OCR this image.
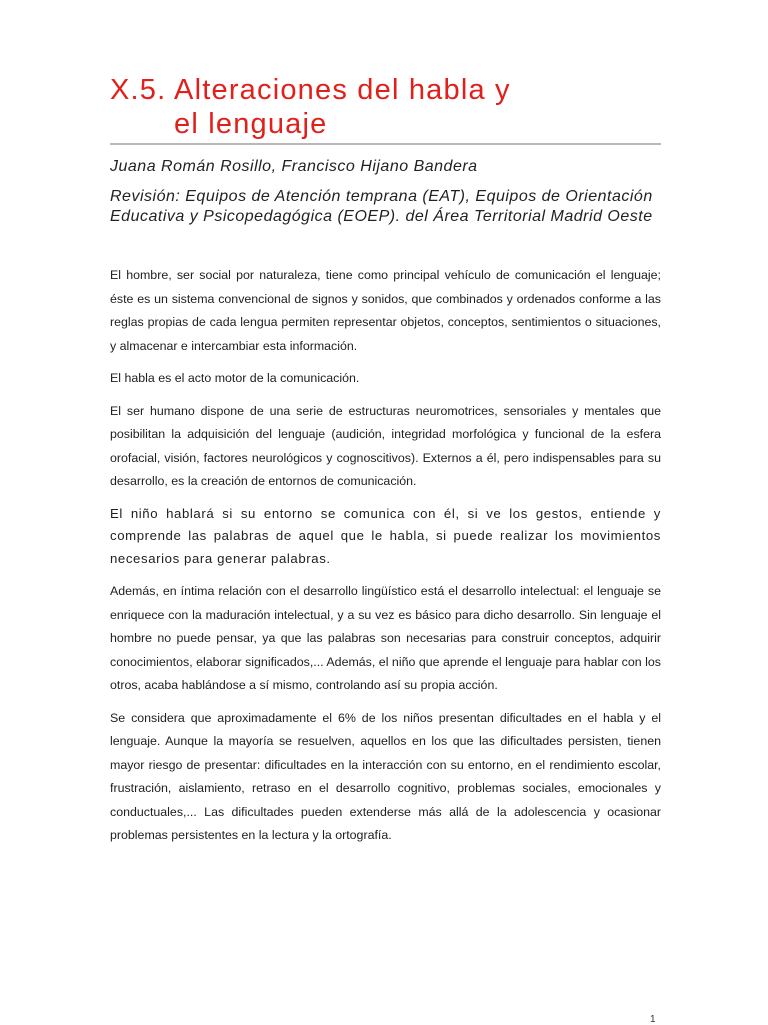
X.5. Alteraciones del habla y
el lenguaje

Juana Román Rosillo, Francisco Hijano Bandera

Revisión: Equipos de Atención temprana (EAT), Equipos de Orientación Educativa y Psicopedagógica (EOEP). del Área Territorial Madrid Oeste

El hombre, ser social por naturaleza, tiene como principal vehículo de comunicación el lenguaje; éste es un sistema convencional de signos y sonidos, que combinados y ordenados conforme a las reglas propias de cada lengua permiten representar objetos, conceptos, sentimientos o situaciones, y almacenar e intercambiar esta información.

El habla es el acto motor de la comunicación.

El ser humano dispone de una serie de estructuras neuromotrices, sensoriales y mentales que posibilitan la adquisición del lenguaje (audición, integridad morfológica y funcional de la esfera orofacial, visión, factores neurológicos y cognoscitivos). Externos a él, pero indispensables para su desarrollo, es la creación de entornos de comunicación.

El niño hablará si su entorno se comunica con él, si ve los gestos, entiende y comprende las palabras de aquel que le habla, si puede realizar los movimientos necesarios para generar palabras.

Además, en íntima relación con el desarrollo lingüístico está el desarrollo intelectual: el lenguaje se enriquece con la maduración intelectual, y a su vez es básico para dicho desarrollo. Sin lenguaje el hombre no puede pensar, ya que las palabras son necesarias para construir conceptos, adquirir conocimientos, elaborar significados,... Además, el niño que aprende el lenguaje para hablar con los otros, acaba hablándose a sí mismo, controlando así su propia acción.

Se considera que aproximadamente el 6% de los niños presentan dificultades en el habla y el lenguaje. Aunque la mayoría se resuelven, aquellos en los que las dificultades persisten, tienen mayor riesgo de presentar: dificultades en la interacción con su entorno, en el rendimiento escolar, frustración, aislamiento, retraso en el desarrollo cognitivo, problemas sociales, emocionales y conductuales,... Las dificultades pueden extenderse más allá de la adolescencia y ocasionar problemas persistentes en la lectura y la ortografía.

1
